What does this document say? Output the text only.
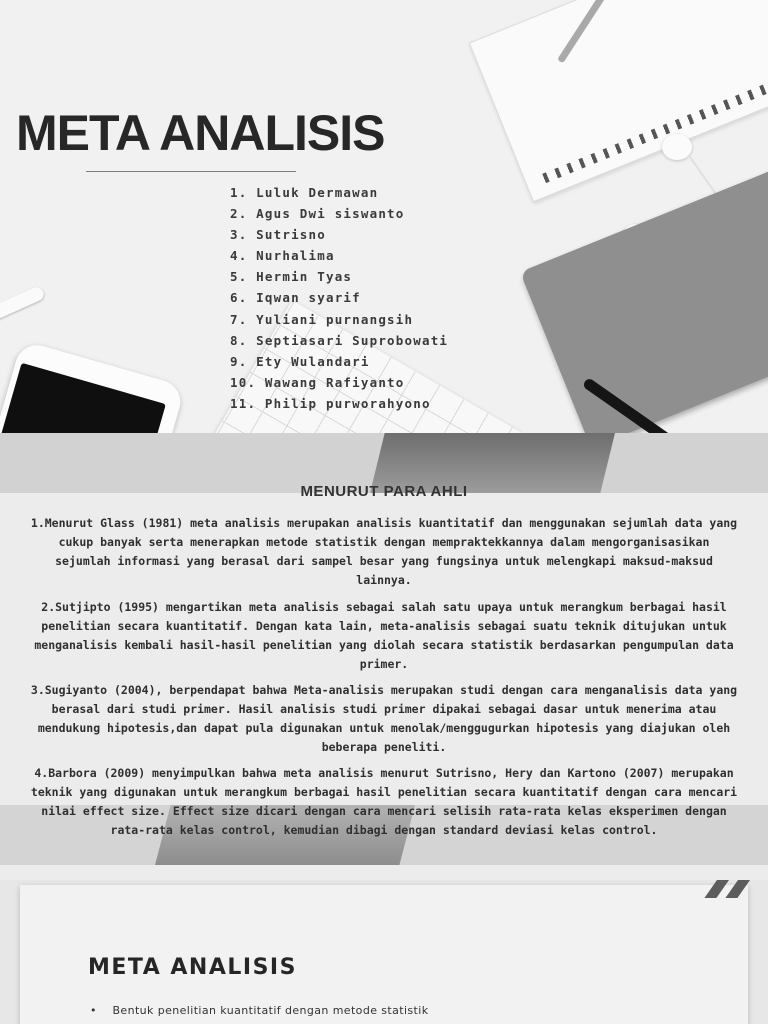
META ANALISIS
1. Luluk Dermawan
2. Agus Dwi siswanto
3. Sutrisno
4. Nurhalima
5. Hermin Tyas
6. Iqwan syarif
7. Yuliani purnangsih
8. Septiasari Suprobowati
9. Ety Wulandari
10. Wawang Rafiyanto
11. Philip purworahyono
MENURUT PARA AHLI

1.Menurut Glass (1981) meta analisis merupakan analisis kuantitatif dan menggunakan sejumlah data yang cukup banyak serta menerapkan metode statistik dengan mempraktekkannya dalam mengorganisasikan sejumlah informasi yang berasal dari sampel besar yang fungsinya untuk melengkapi maksud-maksud lainnya.

2.Sutjipto (1995) mengartikan meta analisis sebagai salah satu upaya untuk merangkum berbagai hasil penelitian secara kuantitatif. Dengan kata lain, meta-analisis sebagai suatu teknik ditujukan untuk menganalisis kembali hasil-hasil penelitian yang diolah secara statistik berdasarkan pengumpulan data primer.

3.Sugiyanto (2004), berpendapat bahwa Meta-analisis merupakan studi dengan cara menganalisis data yang berasal dari studi primer. Hasil analisis studi primer dipakai sebagai dasar untuk menerima atau mendukung hipotesis,dan dapat pula digunakan untuk menolak/menggugurkan hipotesis yang diajukan oleh beberapa peneliti.

4.Barbora (2009) menyimpulkan bahwa meta analisis menurut Sutrisno, Hery dan Kartono (2007) merupakan teknik yang digunakan untuk merangkum berbagai hasil penelitian secara kuantitatif dengan cara mencari nilai effect size. Effect size dicari dengan cara mencari selisih rata-rata kelas eksperimen dengan rata-rata kelas control, kemudian dibagi dengan standard deviasi kelas control.

META ANALISIS

•    Bentuk penelitian kuantitatif dengan metode statistik
